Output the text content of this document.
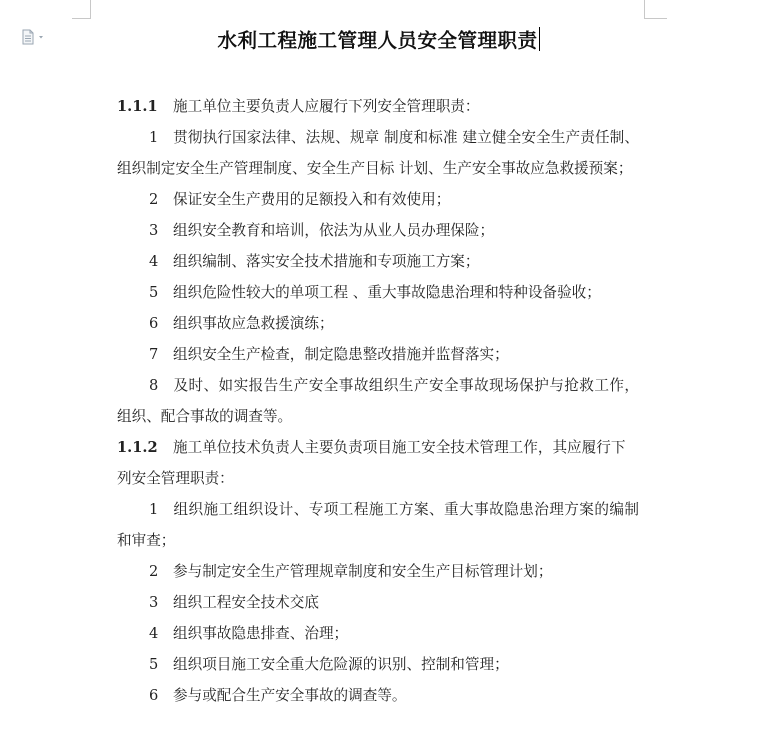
水利工程施工管理人员安全管理职责

1.1.1 施工单位主要负责人应履行下列安全管理职责：

1 贯彻执行国家法律、法规、规章 制度和标准 建立健全安全生产责任制、组织制定安全生产管理制度、安全生产目标 计划、生产安全事故应急救援预案；

2 保证安全生产费用的足额投入和有效使用；

3 组织安全教育和培训，依法为从业人员办理保险；

4 组织编制、落实安全技术措施和专项施工方案；

5 组织危险性较大的单项工程 、重大事故隐患治理和特种设备验收；

6 组织事故应急救援演练；

7 组织安全生产检查，制定隐患整改措施并监督落实；

8 及时、如实报告生产安全事故组织生产安全事故现场保护与抢救工作，组织、配合事故的调查等。

1.1.2 施工单位技术负责人主要负责项目施工安全技术管理工作，其应履行下列安全管理职责：

1 组织施工组织设计、专项工程施工方案、重大事故隐患治理方案的编制和审查；

2 参与制定安全生产管理规章制度和安全生产目标管理计划；

3 组织工程安全技术交底

4 组织事故隐患排查、治理；

5 组织项目施工安全重大危险源的识别、控制和管理；

6 参与或配合生产安全事故的调查等。
